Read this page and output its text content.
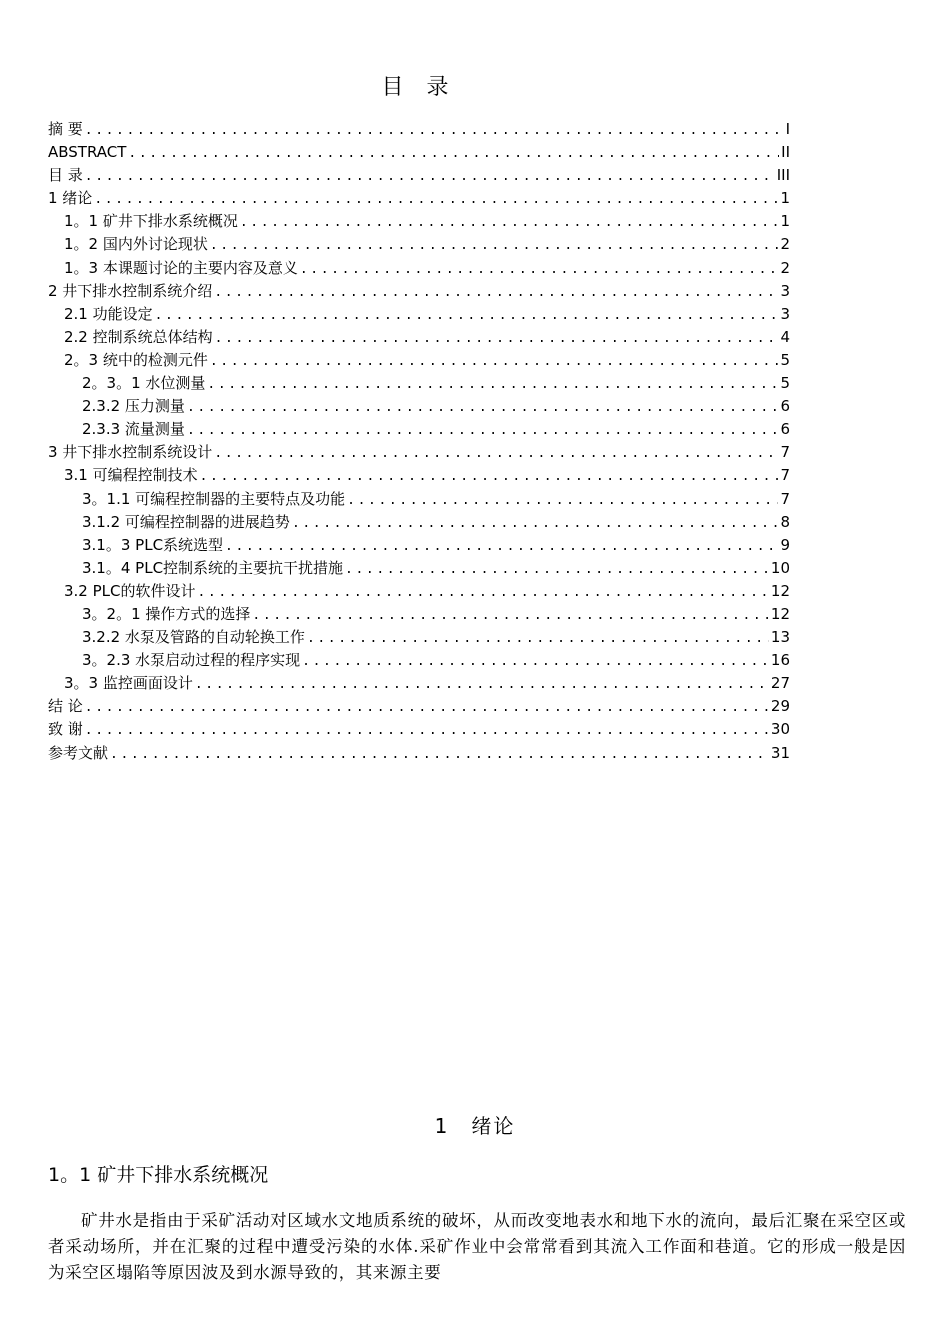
目 录
摘 要 .....	I
ABSTRACT .....	II
目 录 .....	III
1 绪论 .....	1
1。1 矿井下排水系统概况 .....	1
1。2 国内外讨论现状 .....	2
1。3 本课题讨论的主要内容及意义 .....	2
2 井下排水控制系统介绍 .....	3
2.1 功能设定 .....	3
2.2 控制系统总体结构 .....	4
2。3 统中的检测元件 .....	5
2。3。1 水位测量 .....	5
2.3.2 压力测量 .....	6
2.3.3 流量测量 .....	6
3 井下排水控制系统设计 .....	7
3.1 可编程控制技术 .....	7
3。1.1 可编程控制器的主要特点及功能 .....	7
3.1.2 可编程控制器的进展趋势 .....	8
3.1。3 PLC系统选型 .....	9
3.1。4 PLC控制系统的主要抗干扰措施 .....	10
3.2 PLC的软件设计 .....	12
3。2。1 操作方式的选择 .....	12
3.2.2 水泵及管路的自动轮换工作 .....	13
3。2.3 水泵启动过程的程序实现 .....	16
3。3 监控画面设计 .....	27
结 论 .....	29
致 谢 .....	30
参考文献 .....	31
1　绪论
1。1 矿井下排水系统概况

矿井水是指由于采矿活动对区域水文地质系统的破坏，从而改变地表水和地下水的流向，最后汇聚在采空区或者采动场所，并在汇聚的过程中遭受污染的水体.采矿作业中会常常看到其流入工作面和巷道。它的形成一般是因为采空区塌陷等原因波及到水源导致的，其来源主要
